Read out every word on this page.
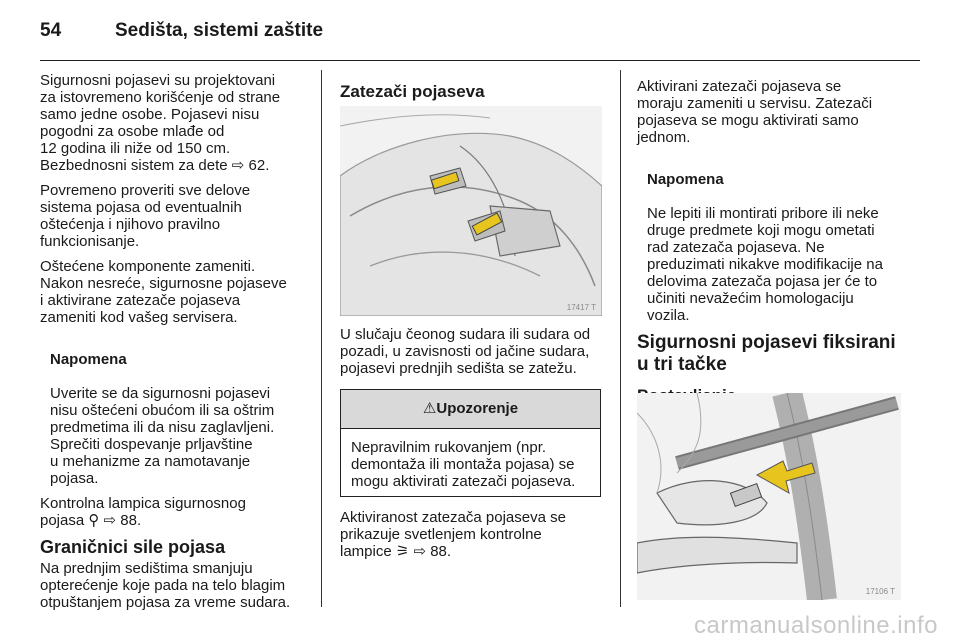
54	Sedišta, sistemi zaštite

Sigurnosni pojasevi su projektovani
za istovremeno korišćenje od strane
samo jedne osobe. Pojasevi nisu
pogodni za osobe mlađe od
12 godina ili niže od 150 cm.
Bezbednosni sistem za dete ⇨ 62.

Povremeno proveriti sve delove
sistema pojasa od eventualnih
oštećenja i njihovo pravilno
funkcionisanje.

Oštećene komponente zameniti.
Nakon nesreće, sigurnosne pojaseve
i aktivirane zatezače pojaseva
zameniti kod vašeg servisera.

Napomena

Uverite se da sigurnosni pojasevi
nisu oštećeni obućom ili sa oštrim
predmetima ili da nisu zaglavljeni.
Sprečiti dospevanje prljavštine
u mehanizme za namotavanje
pojasa.

Kontrolna lampica sigurnosnog
pojasa ⚲ ⇨ 88.

Graničnici sile pojasa

Na prednjim sedištima smanjuju
opterećenje koje pada na telo blagim
otpuštanjem pojasa za vreme sudara.

Zatezači pojaseva
17417 T

U slučaju čeonog sudara ili sudara od
pozadi, u zavisnosti od jačine sudara,
pojasevi prednjih sedišta se zatežu.

⚠Upozorenje
Nepravilnim rukovanjem (npr.
demontaža ili montaža pojasa) se
mogu aktivirati zatezači pojaseva.

Aktiviranost zatezača pojaseva se
prikazuje svetlenjem kontrolne
lampice ⚞ ⇨ 88.

Aktivirani zatezači pojaseva se
moraju zameniti u servisu. Zatezači
pojaseva se mogu aktivirati samo
jednom.

Napomena

Ne lepiti ili montirati pribore ili neke
druge predmete koji mogu ometati
rad zatezača pojaseva. Ne
preduzimati nikakve modifikacije na
delovima zatezača pojasa jer će to
učiniti nevažećim homologaciju
vozila.

Sigurnosni pojasevi fiksirani
u tri tačke
17106 T
carmanualsonline.info
